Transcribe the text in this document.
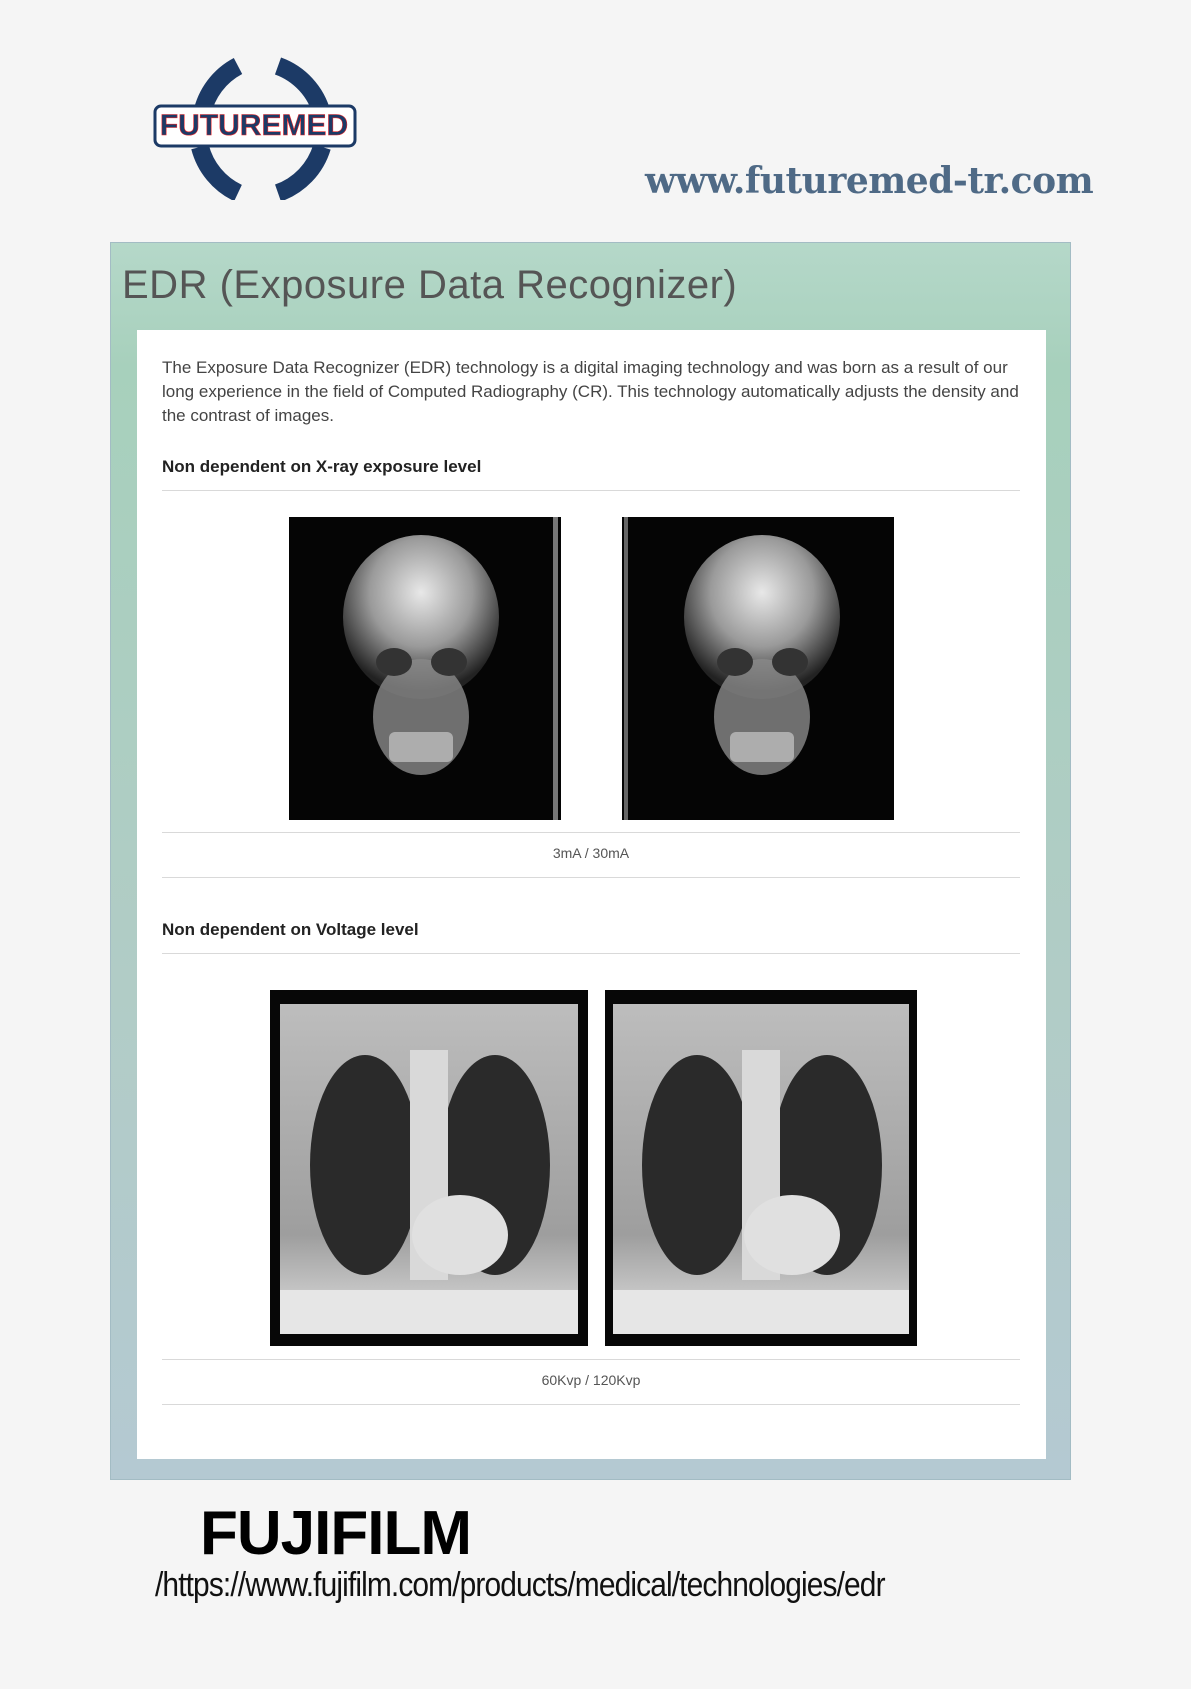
FUTUREMED
www.futuremed-tr.com
EDR (Exposure Data Recognizer)
The Exposure Data Recognizer (EDR) technology is a digital imaging technology and was born as a result of our long experience in the field of Computed Radiography (CR). This technology automatically adjusts the density and the contrast of images.
Non dependent on X-ray exposure level
3mA / 30mA
Non dependent on Voltage level
60Kvp / 120Kvp
FUJIFILM
/https://www.fujifilm.com/products/medical/technologies/edr
